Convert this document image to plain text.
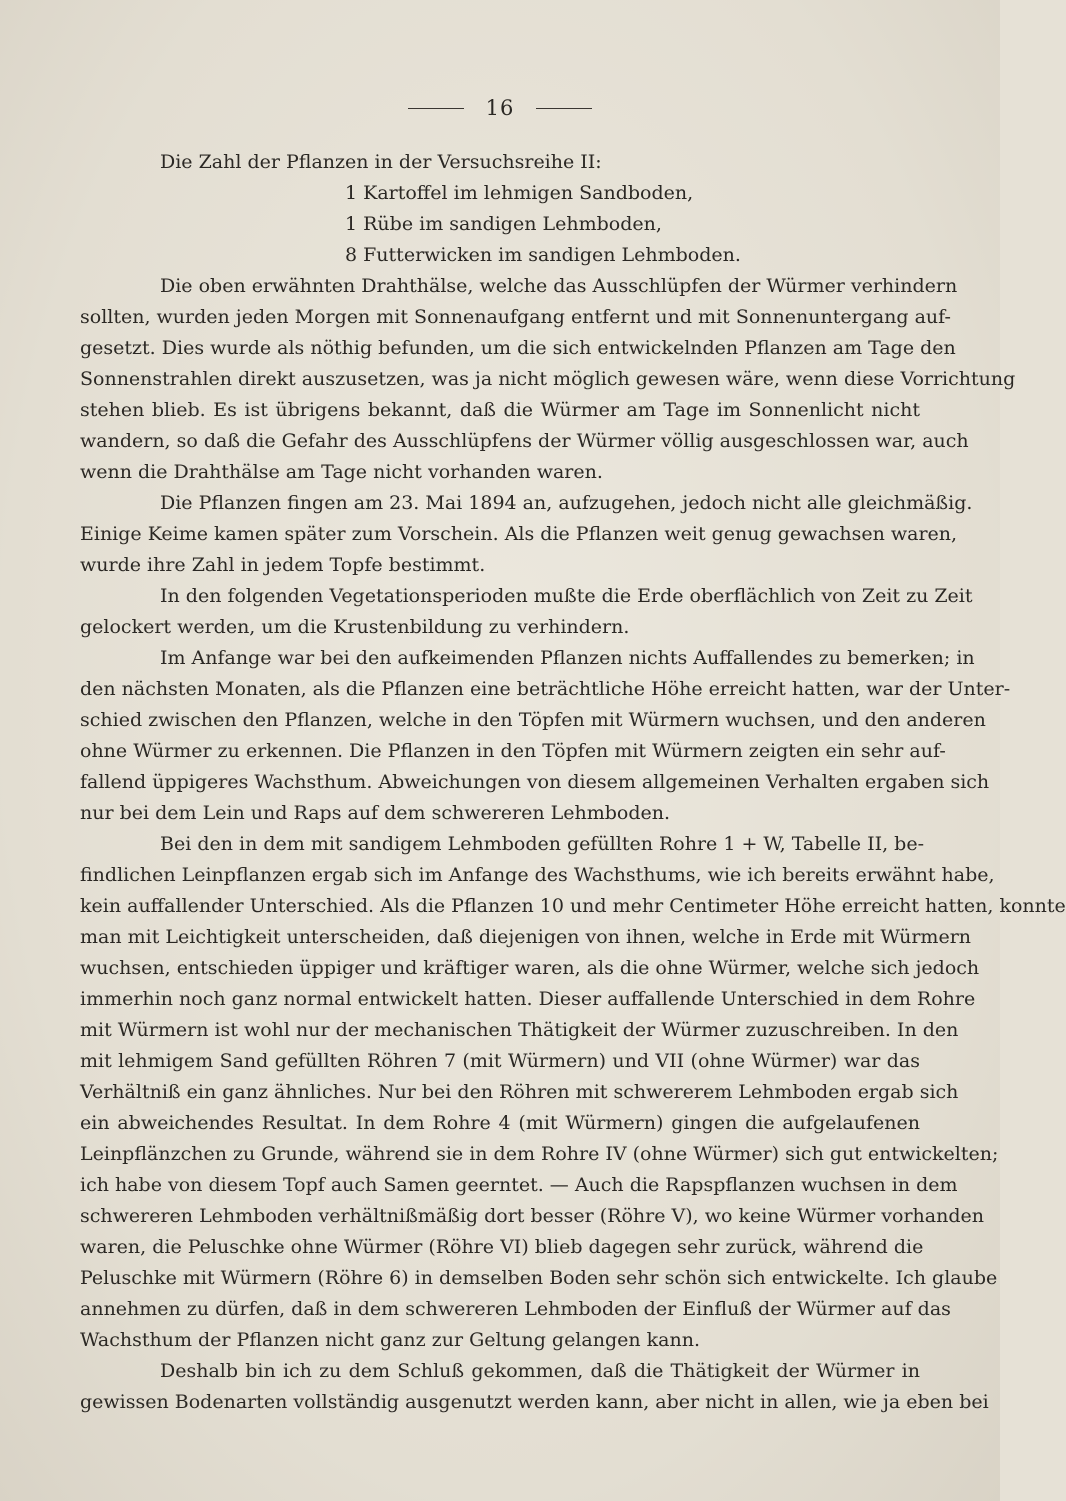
16
Die Zahl der Pflanzen in der Versuchsreihe II:
1 Kartoffel im lehmigen Sandboden,
1 Rübe im sandigen Lehmboden,
8 Futterwicken im sandigen Lehmboden.
Die oben erwähnten Drahthälse, welche das Ausschlüpfen der Würmer verhindern
sollten, wurden jeden Morgen mit Sonnenaufgang entfernt und mit Sonnenuntergang auf-
gesetzt. Dies wurde als nöthig befunden, um die sich entwickelnden Pflanzen am Tage den
Sonnenstrahlen direkt auszusetzen, was ja nicht möglich gewesen wäre, wenn diese Vorrichtung
stehen blieb. Es ist übrigens bekannt, daß die Würmer am Tage im Sonnenlicht nicht
wandern, so daß die Gefahr des Ausschlüpfens der Würmer völlig ausgeschlossen war, auch
wenn die Drahthälse am Tage nicht vorhanden waren.
Die Pflanzen fingen am 23. Mai 1894 an, aufzugehen, jedoch nicht alle gleichmäßig.
Einige Keime kamen später zum Vorschein. Als die Pflanzen weit genug gewachsen waren,
wurde ihre Zahl in jedem Topfe bestimmt.
In den folgenden Vegetationsperioden mußte die Erde oberflächlich von Zeit zu Zeit
gelockert werden, um die Krustenbildung zu verhindern.
Im Anfange war bei den aufkeimenden Pflanzen nichts Auffallendes zu bemerken; in
den nächsten Monaten, als die Pflanzen eine beträchtliche Höhe erreicht hatten, war der Unter-
schied zwischen den Pflanzen, welche in den Töpfen mit Würmern wuchsen, und den anderen
ohne Würmer zu erkennen. Die Pflanzen in den Töpfen mit Würmern zeigten ein sehr auf-
fallend üppigeres Wachsthum. Abweichungen von diesem allgemeinen Verhalten ergaben sich
nur bei dem Lein und Raps auf dem schwereren Lehmboden.
Bei den in dem mit sandigem Lehmboden gefüllten Rohre 1 + W, Tabelle II, be-
findlichen Leinpflanzen ergab sich im Anfange des Wachsthums, wie ich bereits erwähnt habe,
kein auffallender Unterschied. Als die Pflanzen 10 und mehr Centimeter Höhe erreicht hatten, konnte
man mit Leichtigkeit unterscheiden, daß diejenigen von ihnen, welche in Erde mit Würmern
wuchsen, entschieden üppiger und kräftiger waren, als die ohne Würmer, welche sich jedoch
immerhin noch ganz normal entwickelt hatten. Dieser auffallende Unterschied in dem Rohre
mit Würmern ist wohl nur der mechanischen Thätigkeit der Würmer zuzuschreiben. In den
mit lehmigem Sand gefüllten Röhren 7 (mit Würmern) und VII (ohne Würmer) war das
Verhältniß ein ganz ähnliches. Nur bei den Röhren mit schwererem Lehmboden ergab sich
ein abweichendes Resultat. In dem Rohre 4 (mit Würmern) gingen die aufgelaufenen
Leinpflänzchen zu Grunde, während sie in dem Rohre IV (ohne Würmer) sich gut entwickelten;
ich habe von diesem Topf auch Samen geerntet. — Auch die Rapspflanzen wuchsen in dem
schwereren Lehmboden verhältnißmäßig dort besser (Röhre V), wo keine Würmer vorhanden
waren, die Peluschke ohne Würmer (Röhre VI) blieb dagegen sehr zurück, während die
Peluschke mit Würmern (Röhre 6) in demselben Boden sehr schön sich entwickelte. Ich glaube
annehmen zu dürfen, daß in dem schwereren Lehmboden der Einfluß der Würmer auf das
Wachsthum der Pflanzen nicht ganz zur Geltung gelangen kann.
Deshalb bin ich zu dem Schluß gekommen, daß die Thätigkeit der Würmer in
gewissen Bodenarten vollständig ausgenutzt werden kann, aber nicht in allen, wie ja eben bei
